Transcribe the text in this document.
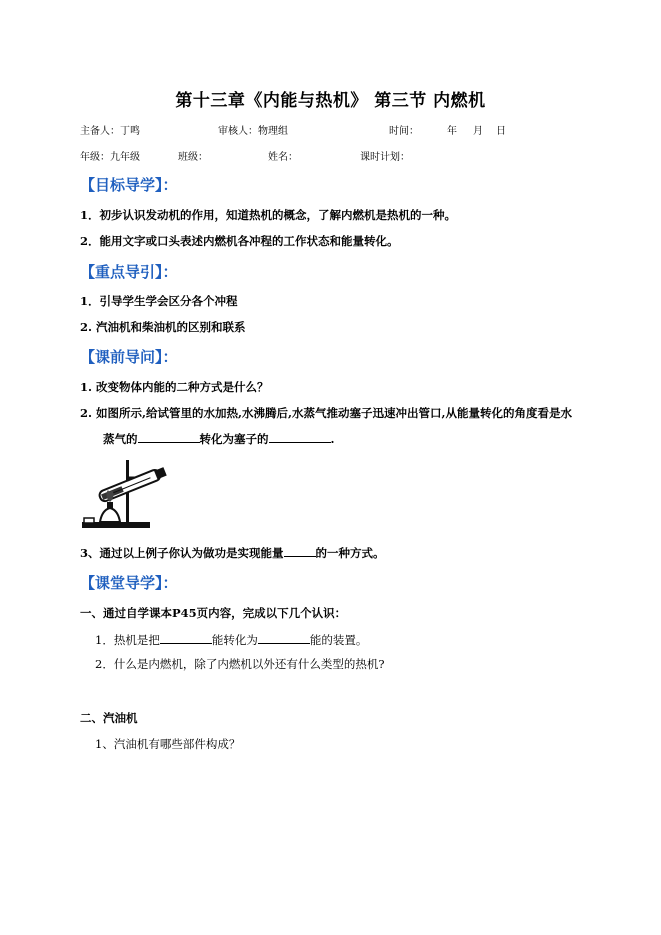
第十三章《内能与热机》 第三节 内燃机
主备人：丁鸣	审核人：物理组	时间：	年 月 日
年级：九年级	班级：	姓名：	课时计划：
【目标导学】：
1．初步认识发动机的作用，知道热机的概念，了解内燃机是热机的一种。
2．能用文字或口头表述内燃机各冲程的工作状态和能量转化。
【重点导引】：
1．引导学生学会区分各个冲程
2. 汽油机和柴油机的区别和联系
【课前导问】：
1. 改变物体内能的二种方式是什么？
2. 如图所示,给试管里的水加热,水沸腾后,水蒸气推动塞子迅速冲出管口,从能量转化的角度看是水
蒸气的	转化为塞子的	.
3、通过以上例子你认为做功是实现能量	的一种方式。
【课堂导学】：
一、通过自学课本P45页内容，完成以下几个认识：
1．热机是把	能转化为	能的装置。
2．什么是内燃机，除了内燃机以外还有什么类型的热机?
二、汽油机
1、汽油机有哪些部件构成？
